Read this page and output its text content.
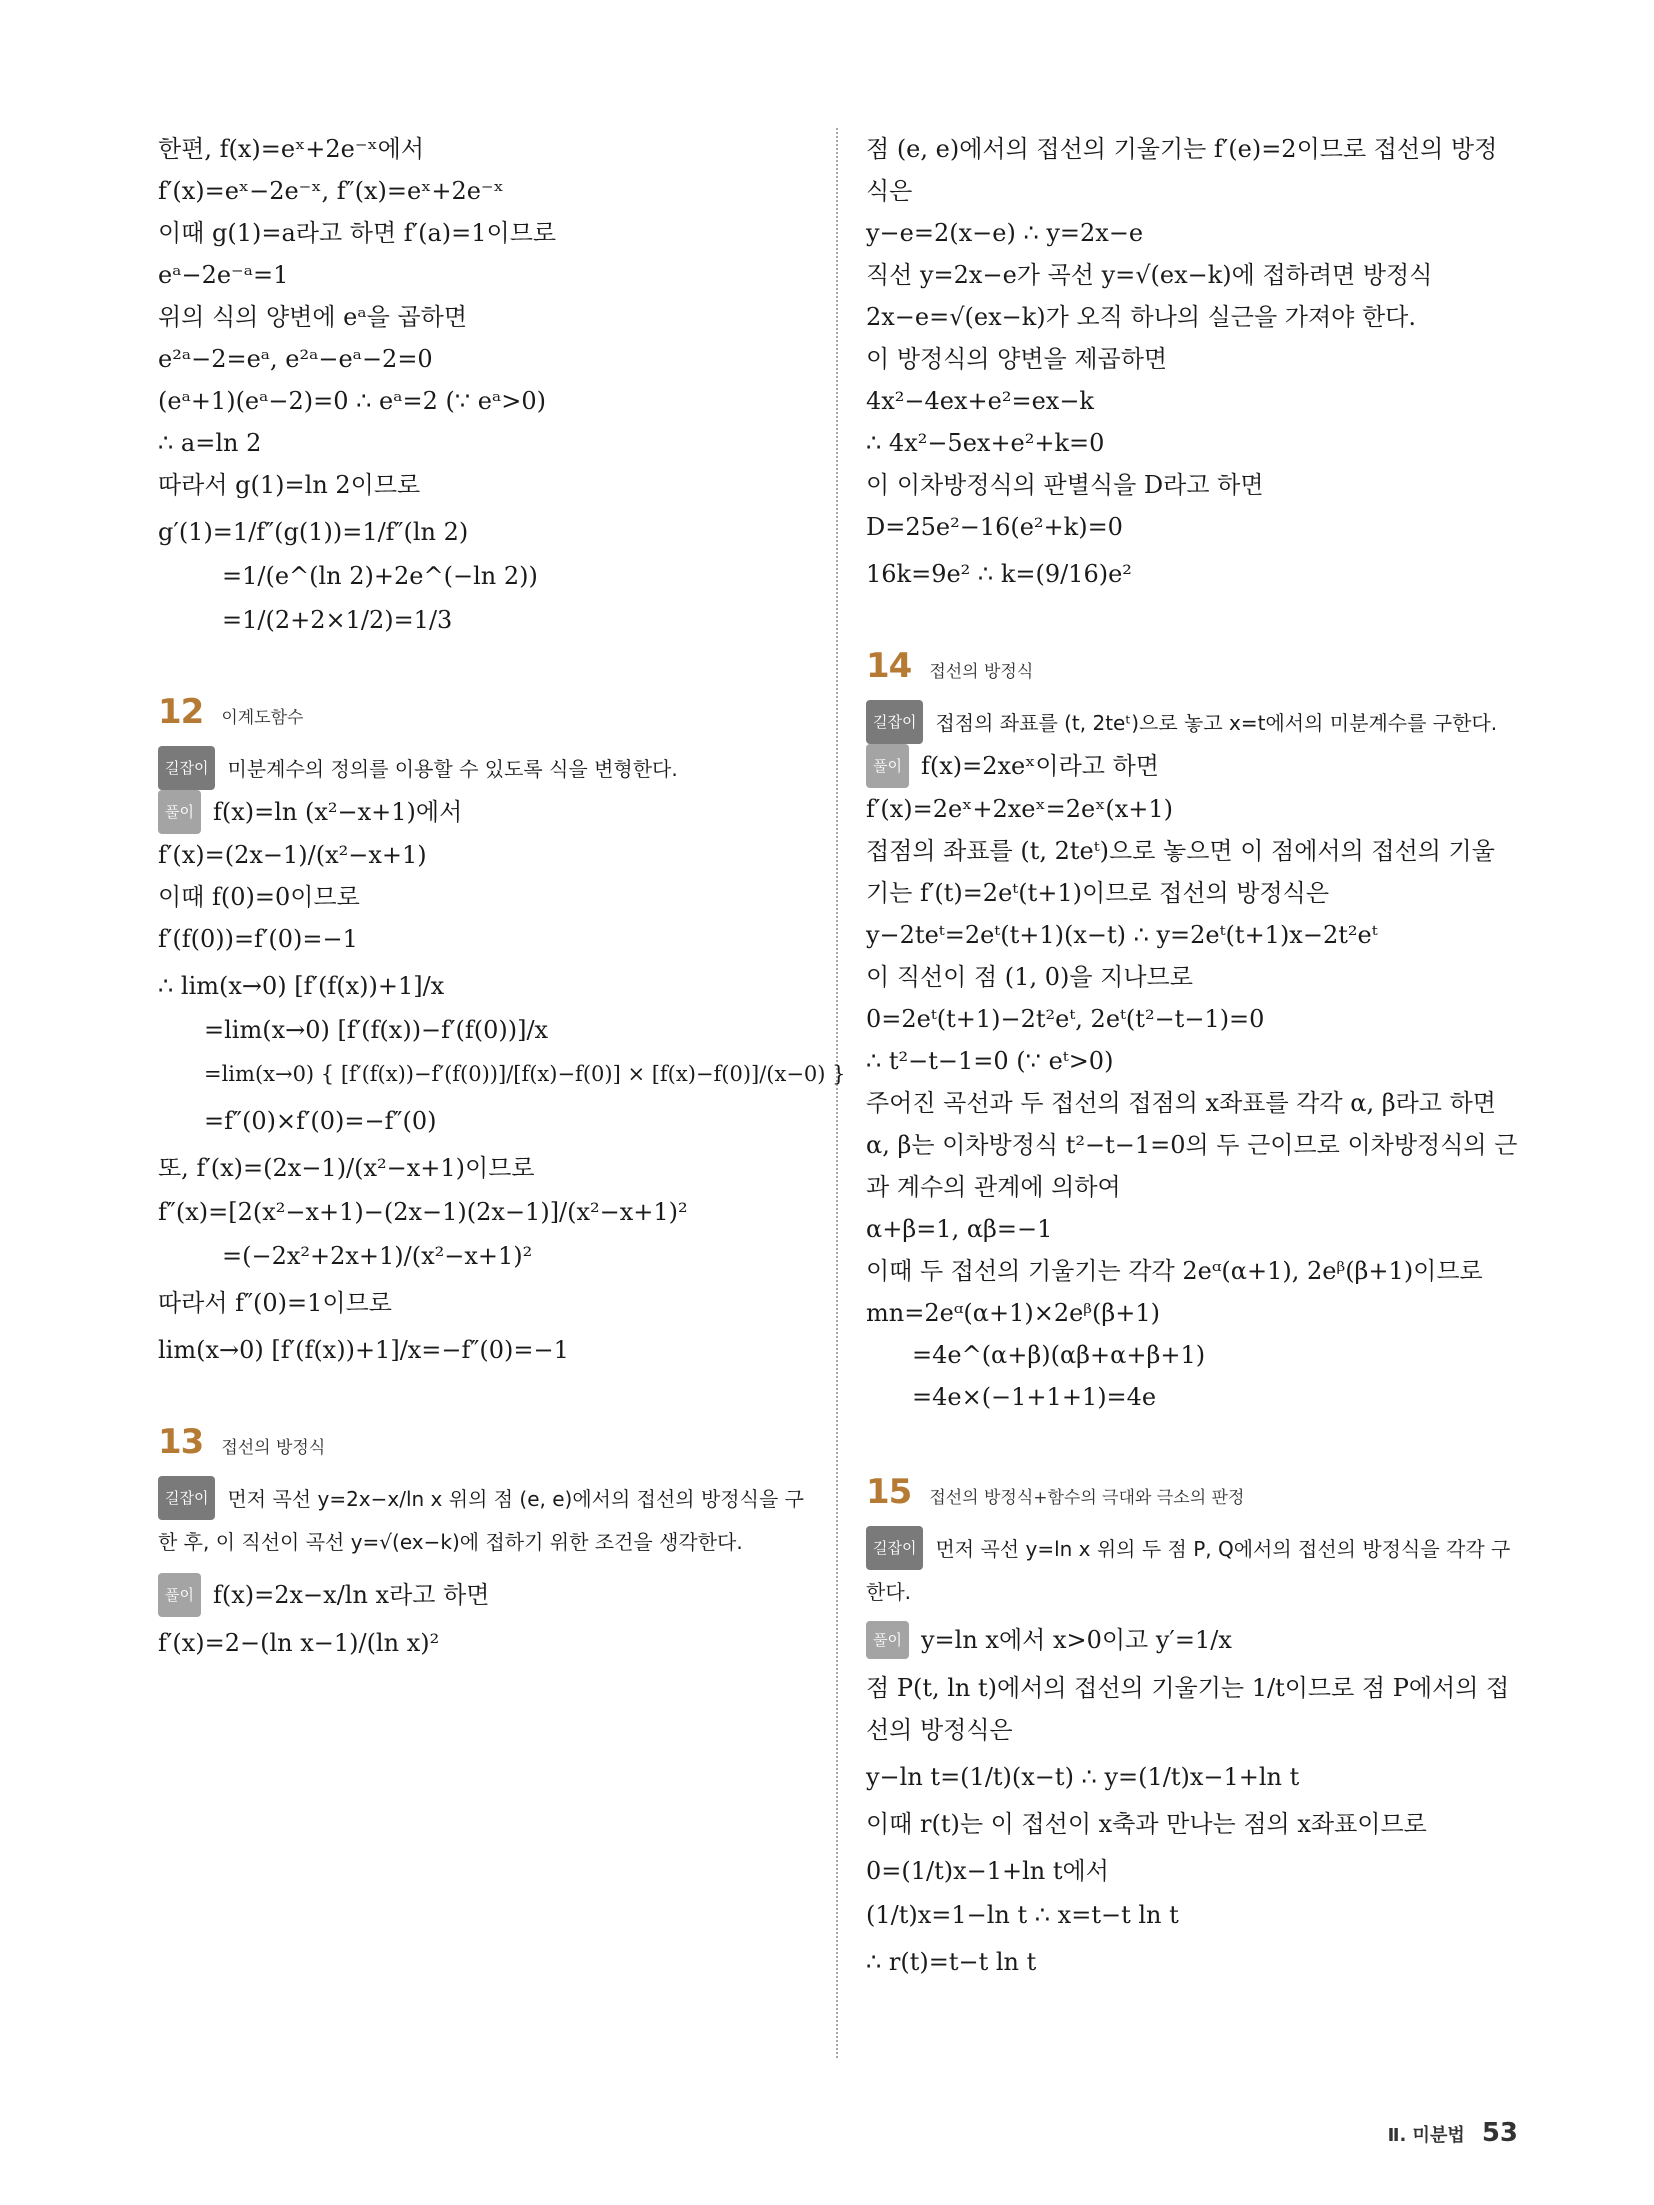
한편, f(x)=eˣ+2e⁻ˣ에서
f′(x)=eˣ−2e⁻ˣ, f″(x)=eˣ+2e⁻ˣ
이때 g(1)=a라고 하면 f′(a)=1이므로
eᵃ−2e⁻ᵃ=1
위의 식의 양변에 eᵃ을 곱하면
e²ᵃ−2=eᵃ, e²ᵃ−eᵃ−2=0
(eᵃ+1)(eᵃ−2)=0 ∴ eᵃ=2 (∵ eᵃ>0)
∴ a=ln 2
따라서 g(1)=ln 2이므로
g′(1)=1/f″(g(1))=1/f″(ln 2)
=1/(e^(ln 2)+2e^(−ln 2))
=1/(2+2×1/2)=1/3
12 이계도함수
길잡이 미분계수의 정의를 이용할 수 있도록 식을 변형한다.
풀이 f(x)=ln (x²−x+1)에서
f′(x)=(2x−1)/(x²−x+1)
이때 f(0)=0이므로
f′(f(0))=f′(0)=−1
∴ lim(x→0) [f′(f(x))+1]/x
=lim(x→0) [f′(f(x))−f′(f(0))]/x
=lim(x→0) { [f′(f(x))−f′(f(0))]/[f(x)−f(0)] × [f(x)−f(0)]/(x−0) }
=f″(0)×f′(0)=−f″(0)
또, f′(x)=(2x−1)/(x²−x+1)이므로
f″(x)=[2(x²−x+1)−(2x−1)(2x−1)]/(x²−x+1)²
=(−2x²+2x+1)/(x²−x+1)²
따라서 f″(0)=1이므로
lim(x→0) [f′(f(x))+1]/x=−f″(0)=−1
13 접선의 방정식
길잡이 먼저 곡선 y=2x−x/ln x 위의 점 (e, e)에서의 접선의 방정식을 구한 후, 이 직선이 곡선 y=√(ex−k)에 접하기 위한 조건을 생각한다.
풀이 f(x)=2x−x/ln x라고 하면
f′(x)=2−(ln x−1)/(ln x)²
점 (e, e)에서의 접선의 기울기는 f′(e)=2이므로 접선의 방정식은
y−e=2(x−e) ∴ y=2x−e
직선 y=2x−e가 곡선 y=√(ex−k)에 접하려면 방정식
2x−e=√(ex−k)가 오직 하나의 실근을 가져야 한다.
이 방정식의 양변을 제곱하면
4x²−4ex+e²=ex−k
∴ 4x²−5ex+e²+k=0
이 이차방정식의 판별식을 D라고 하면
D=25e²−16(e²+k)=0
16k=9e² ∴ k=(9/16)e²
14 접선의 방정식
길잡이 접점의 좌표를 (t, 2teᵗ)으로 놓고 x=t에서의 미분계수를 구한다.
풀이 f(x)=2xeˣ이라고 하면
f′(x)=2eˣ+2xeˣ=2eˣ(x+1)
접점의 좌표를 (t, 2teᵗ)으로 놓으면 이 점에서의 접선의 기울기는 f′(t)=2eᵗ(t+1)이므로 접선의 방정식은
y−2teᵗ=2eᵗ(t+1)(x−t) ∴ y=2eᵗ(t+1)x−2t²eᵗ
이 직선이 점 (1, 0)을 지나므로
0=2eᵗ(t+1)−2t²eᵗ, 2eᵗ(t²−t−1)=0
∴ t²−t−1=0 (∵ eᵗ>0)
주어진 곡선과 두 접선의 접점의 x좌표를 각각 α, β라고 하면 α, β는 이차방정식 t²−t−1=0의 두 근이므로 이차방정식의 근과 계수의 관계에 의하여
α+β=1, αβ=−1
이때 두 접선의 기울기는 각각 2eᵅ(α+1), 2eᵝ(β+1)이므로
mn=2eᵅ(α+1)×2eᵝ(β+1)
=4e^(α+β)(αβ+α+β+1)
=4e×(−1+1+1)=4e
15 접선의 방정식+함수의 극대와 극소의 판정
길잡이 먼저 곡선 y=ln x 위의 두 점 P, Q에서의 접선의 방정식을 각각 구한다.
풀이 y=ln x에서 x>0이고 y′=1/x
점 P(t, ln t)에서의 접선의 기울기는 1/t이므로 점 P에서의 접선의 방정식은
y−ln t=(1/t)(x−t) ∴ y=(1/t)x−1+ln t
이때 r(t)는 이 접선이 x축과 만나는 점의 x좌표이므로
0=(1/t)x−1+ln t에서
(1/t)x=1−ln t ∴ x=t−t ln t
∴ r(t)=t−t ln t
Ⅱ. 미분법 53
